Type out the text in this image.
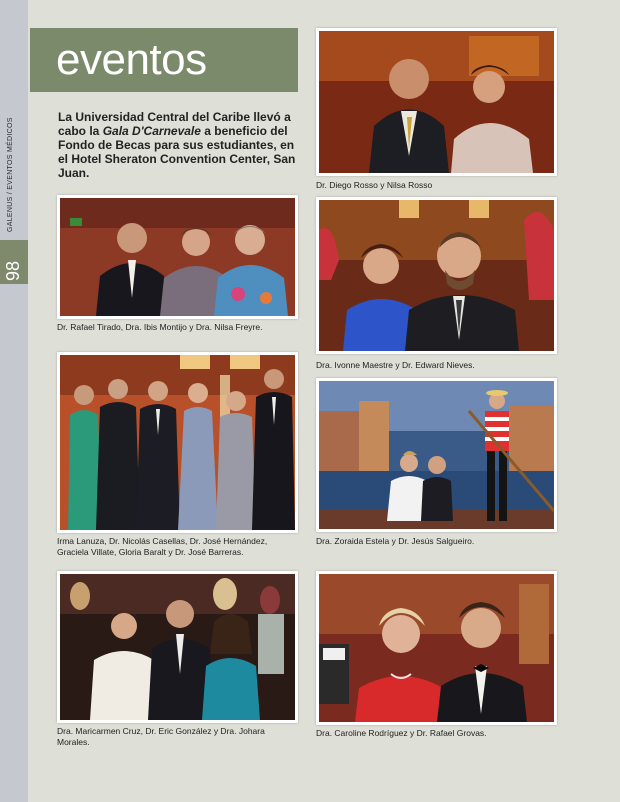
GALENUS / EVENTOS MÉDICOS
98
eventos
La Universidad Central del Caribe llevó a cabo la Gala D'Carnevale a beneficio del Fondo de Becas para sus estudiantes, en el Hotel Sheraton Convention Center, San Juan.
Dr. Diego Rosso y Nilsa Rosso
Dr. Rafael Tirado, Dra. Ibis Montijo y Dra. Nilsa Freyre.
Dra. Ivonne Maestre y Dr. Edward Nieves.
Irma Lanuza, Dr. Nicolás Casellas, Dr. José Hernández, Graciela Villate, Gloria Baralt y Dr. José Barreras.
Dra. Zoraida Estela y Dr. Jesús Salgueiro.
Dra. Maricarmen Cruz, Dr. Eric González y Dra. Johara Morales.
Dra. Caroline Rodríguez y Dr. Rafael Grovas.
